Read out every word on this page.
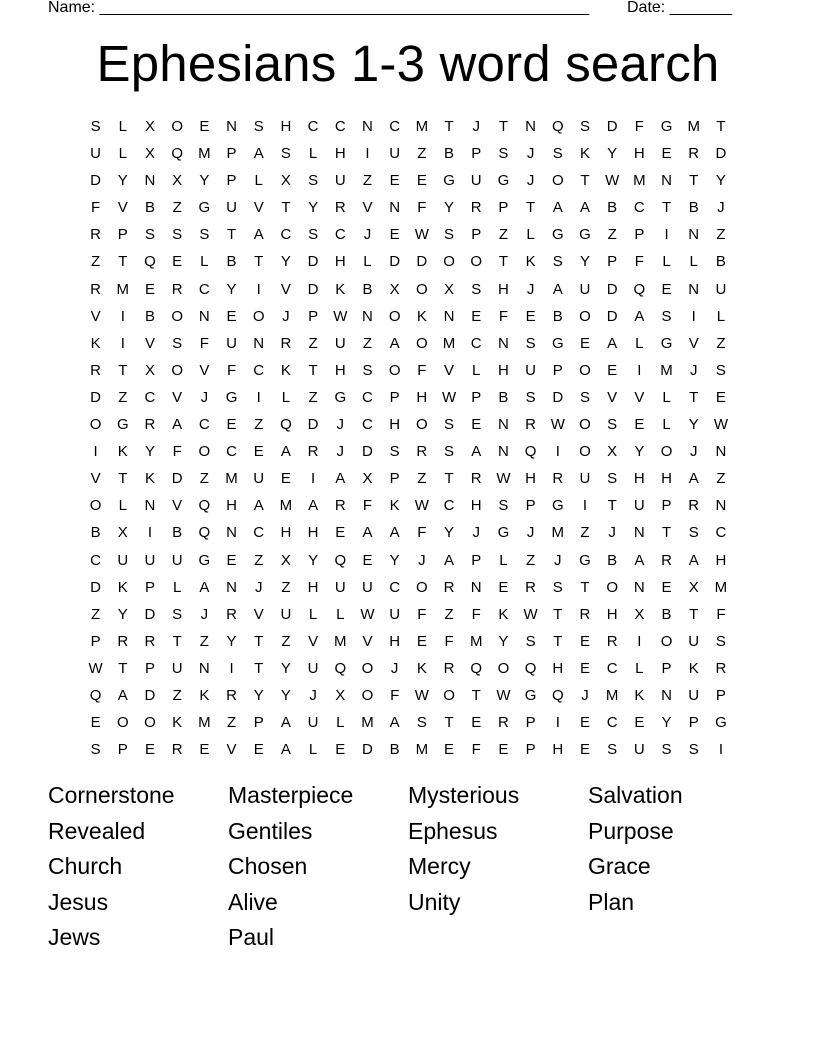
Name: _______________________________________________________ Date: _______
Ephesians 1-3 word search
S	L	X	O	E	N	S	H	C	C	N	C	M	T	J	T	N	Q	S	D	F	G	M	T
U	L	X	Q	M	P	A	S	L	H	I	U	Z	B	P	S	J	S	K	Y	H	E	R	D
D	Y	N	X	Y	P	L	X	S	U	Z	E	E	G	U	G	J	O	T	W M	N	T	Y
F	V	B	Z	G	U	V	T	Y	R	V	N	F	Y	R	P	T	A	A	B	C	T	B	J
R	P	S	S	S	T	A	C	S	C	J	E	W	S	P	Z	L	G	G	Z	P	I	N	Z
Z	T	Q	E	L	B	T	Y	D	H	L	D	D	O	O	T	K	S	Y	P	F	L	L	B
R	M	E	R	C	Y	I	V	D	K	B	X	O	X	S	H	J	A	U	D	Q	E	N	U
V	I	B	O	N	E	O	J	P	W N	O	K	N	E	F	E	B	O	D	A	S	I	L
K	I	V	S	F	U	N	R	Z	U	Z	A	O	M	C	N	S	G	E	A	L	G	V	Z
R	T	X	O	V	F	C	K	T	H	S	O	F	V	L	H	U	P	O	E	I	M	J	S
D	Z	C	V	J	G	I	L	Z	G	C	P	H W	P	B	S	D	S	V	V	L	T	E
O	G	R	A	C	E	Z	Q	D	J	C	H	O	S	E	N	R W O	S	E	L	Y	W
I	K	Y	F	O	C	E	A	R	J	D	S	R	S	A	N	Q	I	O	X	Y	O	J	N
V	T	K	D	Z	M	U	E	I	A	X	P	Z	T	R W H	R	U	S	H	H	A	Z
O	L	N	V	Q	H	A	M	A	R	F	K	W C	H	S	P	G	I	T	U	P	R	N
B	X	I	B	Q	N	C	H	H	E	A	A	F	Y	J	G	J	M	Z	J	N	T	S	C
C	U	U	U	G	E	Z	X	Y	Q	E	Y	J	A	P	L	Z	J	G	B	A	R	A	H
D	K	P	L	A	N	J	Z	H	U	U	C	O	R	N	E	R	S	T	O	N	E	X	M
Z	Y	D	S	J	R	V	U	L	L	W U	F	Z	F	K	W	T	R	H	X	B	T	F
P	R	R	T	Z	Y	T	Z	V	M	V	H	E	F	M	Y	S	T	E	R	I	O	U	S
W	T	P	U	N	I	T	Y	U	Q	O	J	K	R	Q	O	Q	H	E	C	L	P	K	R
Q	A	D	Z	K	R	Y	Y	J	X	O	F	W O	T	W G	Q	J	M	K	N	U	P
E	O	O	K	M	Z	P	A	U	L	M	A	S	T	E	R	P	I	E	C	E	Y	P	G
S	P	E	R	E	V	E	A	L	E	D	B	M	E	F	E	P	H	E	S	U	S	S	I
Cornerstone	Masterpiece	Mysterious	Salvation
Revealed	Gentiles	Ephesus	Purpose
Church	Chosen	Mercy	Grace
Jesus	Alive	Unity	Plan
Jews	Paul
